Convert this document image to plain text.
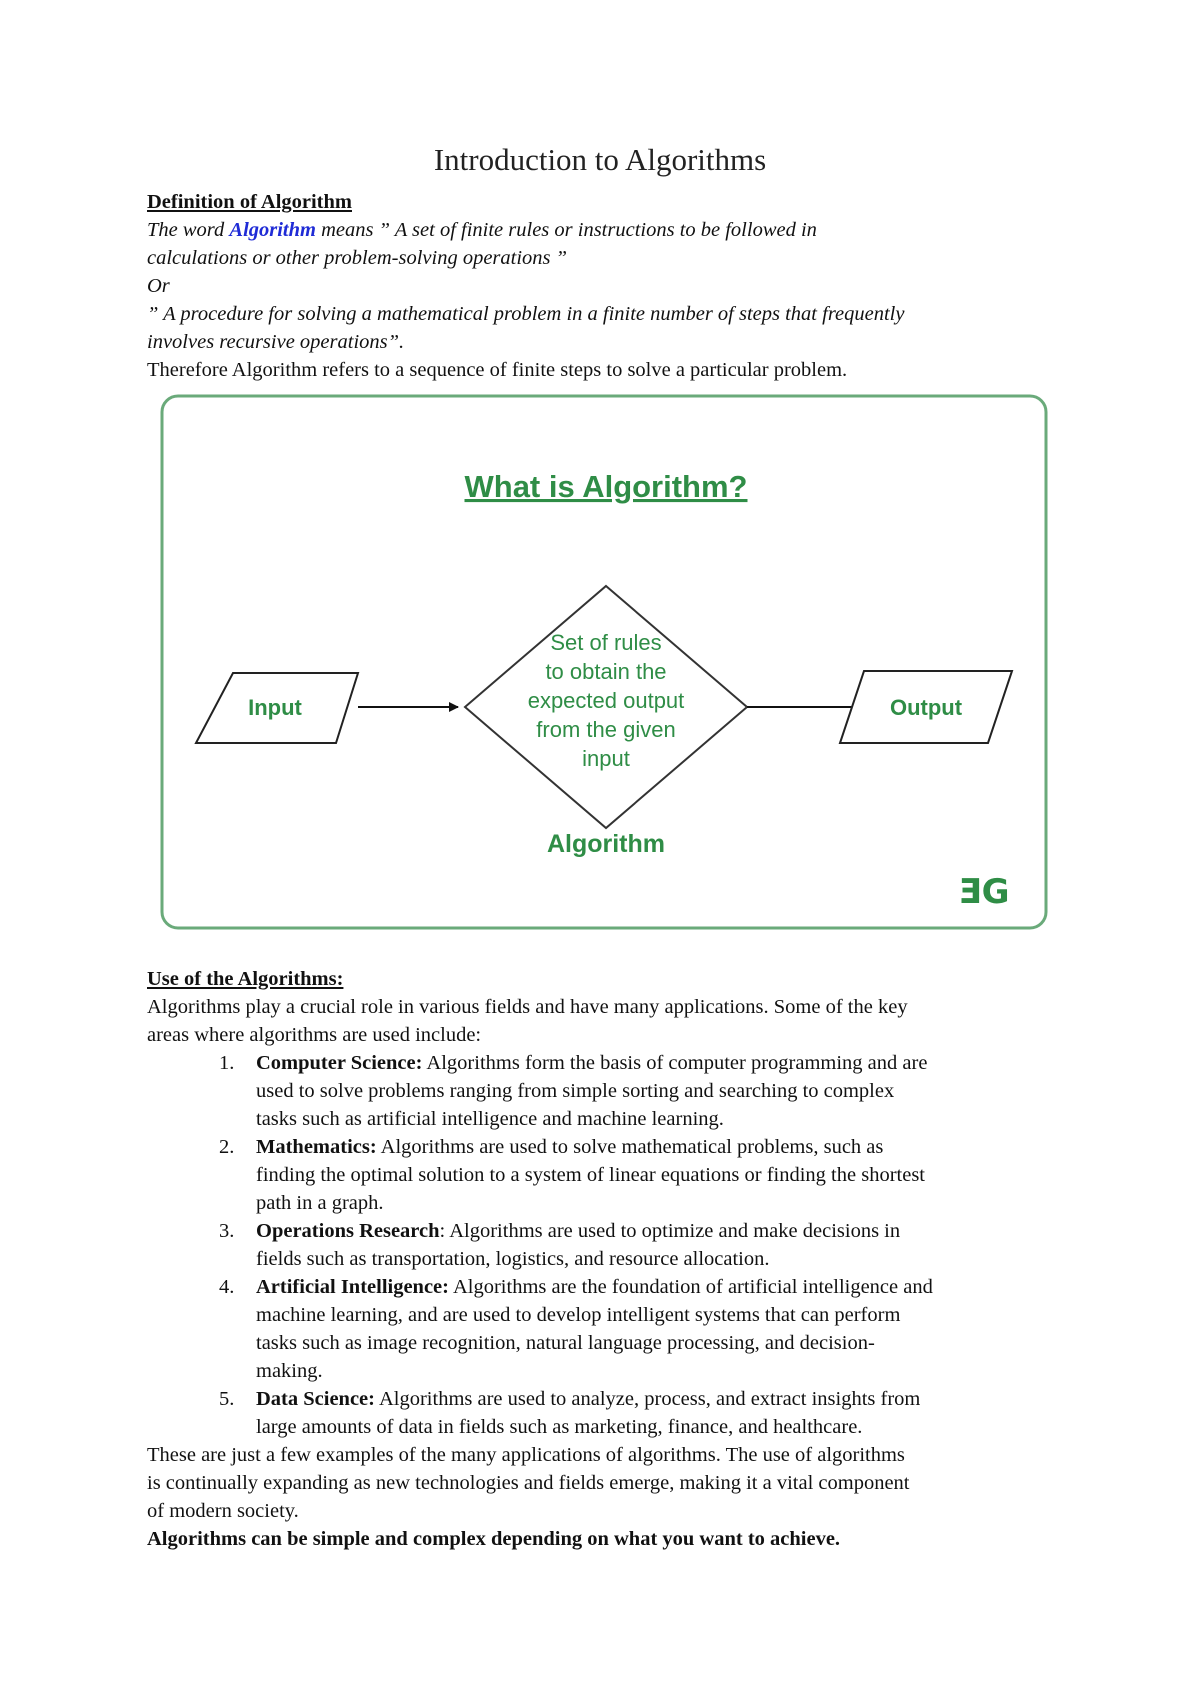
Introduction to Algorithms
Definition of Algorithm
The word Algorithm means ” A set of finite rules or instructions to be followed in
calculations or other problem-solving operations ”
Or
” A procedure for solving a mathematical problem in a finite number of steps that frequently
involves recursive operations”.
Therefore Algorithm refers to a sequence of finite steps to solve a particular problem.
What is Algorithm?
Input
Set of rules
to obtain the
expected output
from the given
input
Output
Algorithm
ƎG
Use of the Algorithms:
Algorithms play a crucial role in various fields and have many applications. Some of the key
areas where algorithms are used include:
1. Computer Science: Algorithms form the basis of computer programming and are
used to solve problems ranging from simple sorting and searching to complex
tasks such as artificial intelligence and machine learning.
2. Mathematics: Algorithms are used to solve mathematical problems, such as
finding the optimal solution to a system of linear equations or finding the shortest
path in a graph.
3. Operations Research: Algorithms are used to optimize and make decisions in
fields such as transportation, logistics, and resource allocation.
4. Artificial Intelligence: Algorithms are the foundation of artificial intelligence and
machine learning, and are used to develop intelligent systems that can perform
tasks such as image recognition, natural language processing, and decision-
making.
5. Data Science: Algorithms are used to analyze, process, and extract insights from
large amounts of data in fields such as marketing, finance, and healthcare.
These are just a few examples of the many applications of algorithms. The use of algorithms
is continually expanding as new technologies and fields emerge, making it a vital component
of modern society.
Algorithms can be simple and complex depending on what you want to achieve.
